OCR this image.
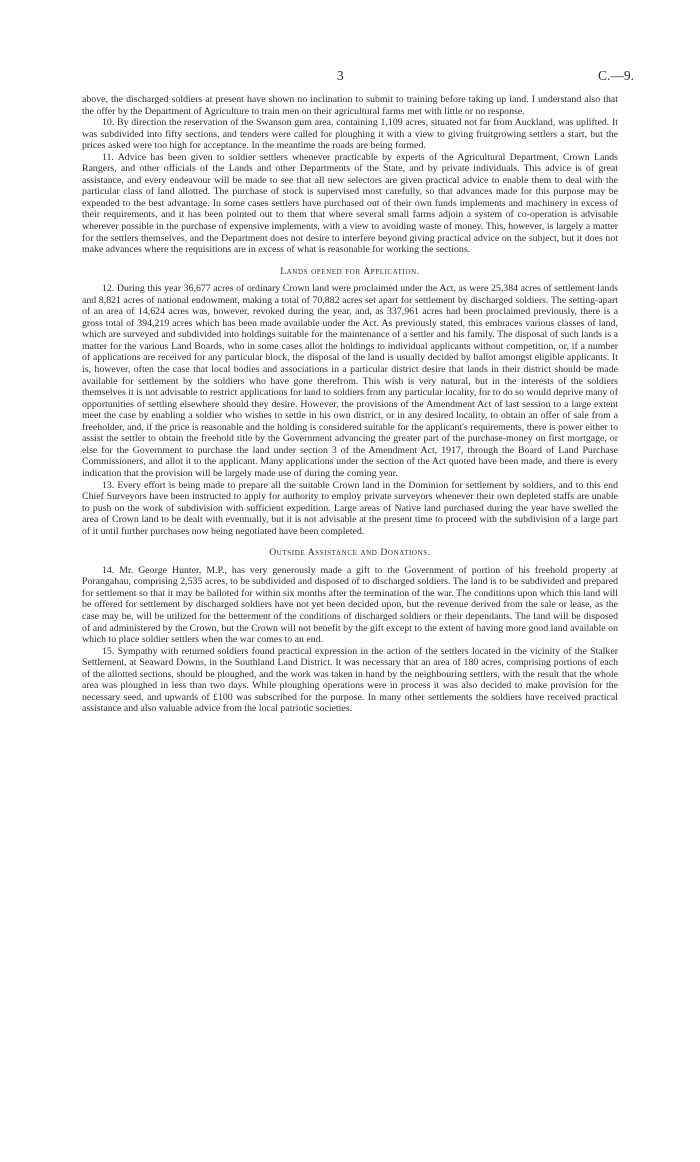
3	C.—9.

above, the discharged soldiers at present have shown no inclination to submit to training before taking up land. I understand also that the offer by the Department of Agriculture to train men on their agricultural farms met with little or no response.

10. By direction the reservation of the Swanson gum area, containing 1,109 acres, situated not far from Auckland, was uplifted. It was subdivided into fifty sections, and tenders were called for ploughing it with a view to giving fruitgrowing settlers a start, but the prices asked were too high for acceptance. In the meantime the roads are being formed.

11. Advice has been given to soldier settlers whenever practicable by experts of the Agricultural Department, Crown Lands Rangers, and other officials of the Lands and other Departments of the State, and by private individuals. This advice is of great assistance, and every endeavour will be made to see that all new selectors are given practical advice to enable them to deal with the particular class of land allotted. The purchase of stock is supervised most carefully, so that advances made for this purpose may be expended to the best advantage. In some cases settlers have purchased out of their own funds implements and machinery in excess of their requirements, and it has been pointed out to them that where several small farms adjoin a system of co-operation is advisable wherever possible in the purchase of expensive implements, with a view to avoiding waste of money. This, however, is largely a matter for the settlers themselves, and the Department does not desire to interfere beyond giving practical advice on the subject, but it does not make advances where the requisitions are in excess of what is reasonable for working the sections.

Lands opened for Application.

12. During this year 36,677 acres of ordinary Crown land were proclaimed under the Act, as were 25,384 acres of settlement lands and 8,821 acres of national endowment, making a total of 70,882 acres set apart for settlement by discharged soldiers. The setting-apart of an area of 14,624 acres was, however, revoked during the year, and, as 337,961 acres had been proclaimed previously, there is a gross total of 394,219 acres which has been made available under the Act. As previously stated, this embraces various classes of land, which are surveyed and subdivided into holdings suitable for the maintenance of a settler and his family. The disposal of such lands is a matter for the various Land Boards, who in some cases allot the holdings to individual applicants without competition, or, if a number of applications are received for any particular block, the disposal of the land is usually decided by ballot amongst eligible applicants. It is, however, often the case that local bodies and associations in a particular district desire that lands in their district should be made available for settlement by the soldiers who have gone therefrom. This wish is very natural, but in the interests of the soldiers themselves it is not advisable to restrict applications for land to soldiers from any particular locality, for to do so would deprive many of opportunities of settling elsewhere should they desire. However, the provisions of the Amendment Act of last session to a large extent meet the case by enabling a soldier who wishes to settle in his own district, or in any desired locality, to obtain an offer of sale from a freeholder, and, if the price is reasonable and the holding is considered suitable for the applicant's requirements, there is power either to assist the settler to obtain the freehold title by the Government advancing the greater part of the purchase-money on first mortgage, or else for the Government to purchase the land under section 3 of the Amendment Act, 1917, through the Board of Land Purchase Commissioners, and allot it to the applicant. Many applications under the section of the Act quoted have been made, and there is every indication that the provision will be largely made use of during the coming year.

13. Every effort is being made to prepare all the suitable Crown land in the Dominion for settlement by soldiers, and to this end Chief Surveyors have been instructed to apply for authority to employ private surveyors whenever their own depleted staffs are unable to push on the work of subdivision with sufficient expedition. Large areas of Native land purchased during the year have swelled the area of Crown land to be dealt with eventually, but it is not advisable at the present time to proceed with the subdivision of a large part of it until further purchases now being negotiated have been completed.

Outside Assistance and Donations.

14. Mr. George Hunter, M.P., has very generously made a gift to the Government of portion of his freehold property at Porangahau, comprising 2,535 acres, to be subdivided and disposed of to discharged soldiers. The land is to be subdivided and prepared for settlement so that it may be balloted for within six months after the termination of the war. The conditions upon which this land will be offered for settlement by discharged soldiers have not yet been decided upon, but the revenue derived from the sale or lease, as the case may be, will be utilized for the betterment of the conditions of discharged soldiers or their dependants. The land will be disposed of and administered by the Crown, but the Crown will not benefit by the gift except to the extent of having more good land available on which to place soldier settlers when the war comes to an end.

15. Sympathy with returned soldiers found practical expression in the action of the settlers located in the vicinity of the Stalker Settlement, at Seaward Downs, in the Southland Land District. It was necessary that an area of 180 acres, comprising portions of each of the allotted sections, should be ploughed, and the work was taken in hand by the neighbouring settlers, with the result that the whole area was ploughed in less than two days. While ploughing operations were in process it was also decided to make provision for the necessary seed, and upwards of £100 was subscribed for the purpose. In many other settlements the soldiers have received practical assistance and also valuable advice from the local patriotic societies.
